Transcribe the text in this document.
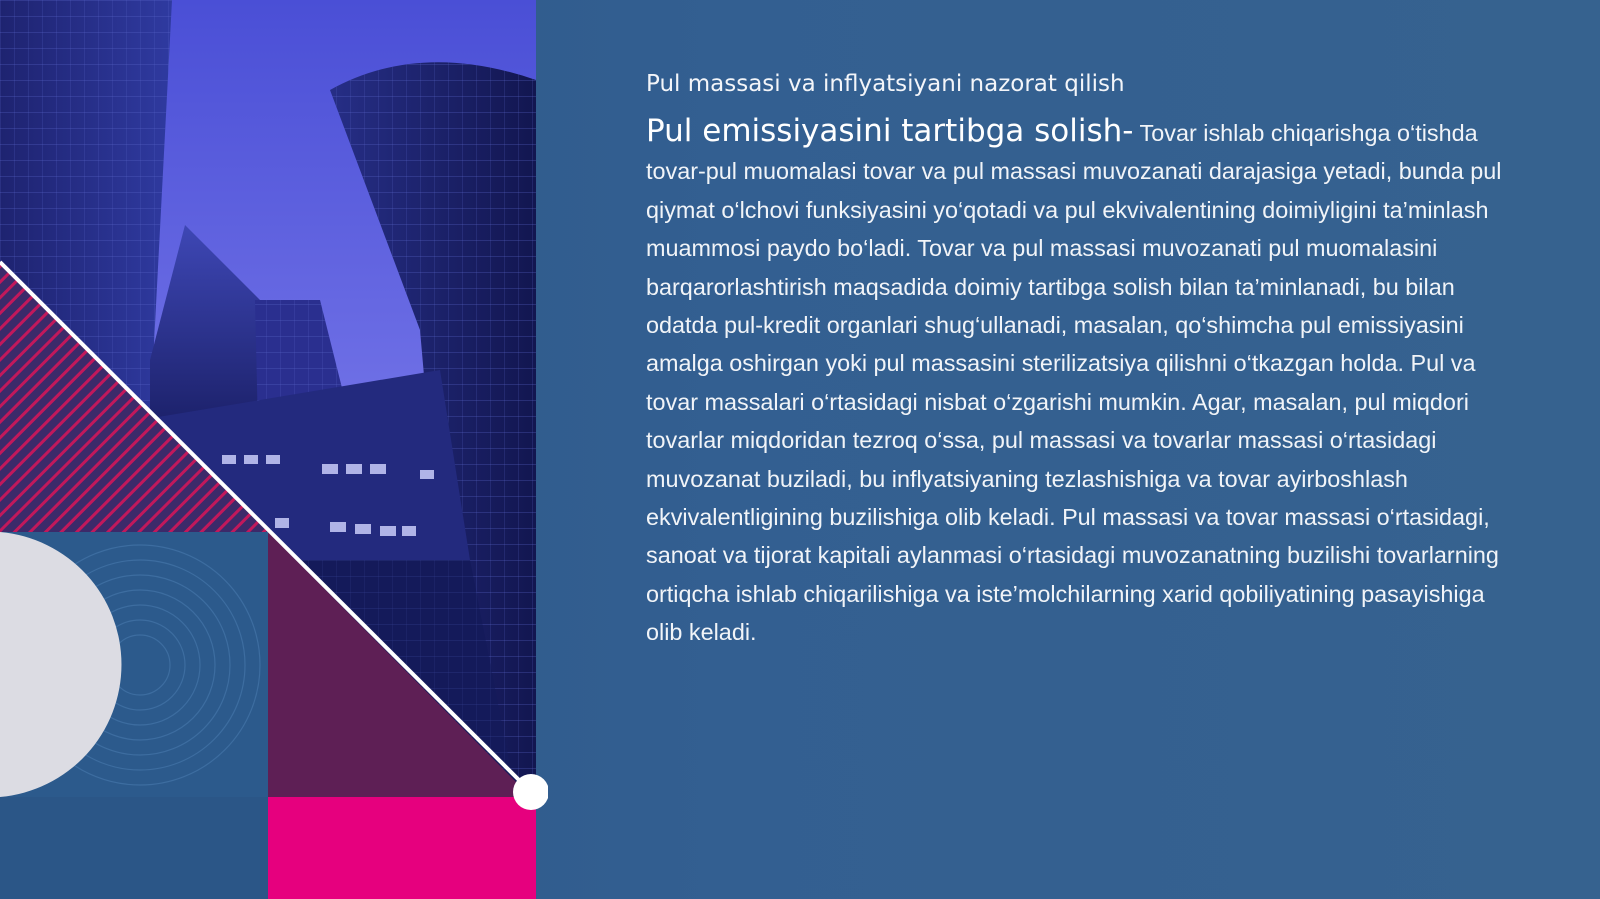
Pul massasi va inflyatsiyani nazorat qilish

Pul emissiyasini tartibga solish- Tovar ishlab chiqarishga o‘tishda tovar-pul muomalasi tovar va pul massasi muvozanati darajasiga yetadi, bunda pul qiymat o‘lchovi funksiyasini yo‘qotadi va pul ekvivalentining doimiyligini ta’minlash muammosi paydo bo‘ladi. Tovar va pul massasi muvozanati pul muomalasini barqarorlashtirish maqsadida doimiy tartibga solish bilan ta’minlanadi, bu bilan odatda pul-kredit organlari shug‘ullanadi, masalan, qo‘shimcha pul emissiyasini amalga oshirgan yoki pul massasini sterilizatsiya qilishni o‘tkazgan holda. Pul va tovar massalari o‘rtasidagi nisbat o‘zgarishi mumkin. Agar, masalan, pul miqdori tovarlar miqdoridan tezroq o‘ssa, pul massasi va tovarlar massasi o‘rtasidagi muvozanat buziladi, bu inflyatsiyaning tezlashishiga va tovar ayirboshlash ekvivalentligining buzilishiga olib keladi. Pul massasi va tovar massasi o‘rtasidagi, sanoat va tijorat kapitali aylanmasi o‘rtasidagi muvozanatning buzilishi tovarlarning ortiqcha ishlab chiqarilishiga va iste’molchilarning xarid qobiliyatining pasayishiga olib keladi.
